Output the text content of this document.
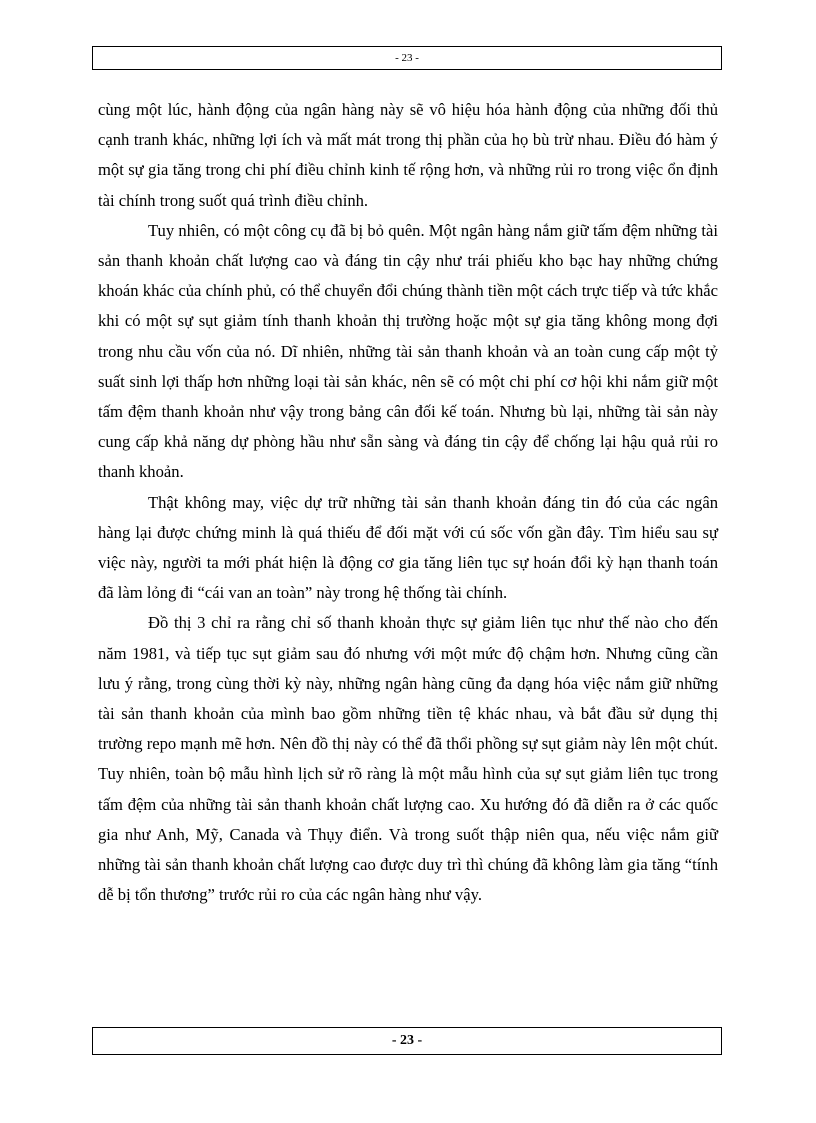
- 23 -

cùng một lúc, hành động của ngân hàng này sẽ vô hiệu hóa hành động của những đối thủ cạnh tranh khác, những lợi ích và mất mát trong thị phần của họ bù trừ nhau. Điều đó hàm ý một sự gia tăng trong chi phí điều chỉnh kinh tế rộng hơn, và những rủi ro trong việc ổn định tài chính trong suốt quá trình điều chỉnh.

Tuy nhiên, có một công cụ đã bị bỏ quên. Một ngân hàng nắm giữ tấm đệm những tài sản thanh khoản chất lượng cao và đáng tin cậy như trái phiếu kho bạc hay những chứng khoán khác của chính phủ, có thể chuyển đổi chúng thành tiền một cách trực tiếp và tức khắc khi có một sự sụt giảm tính thanh khoản thị trường hoặc một sự gia tăng không mong đợi trong nhu cầu vốn của nó. Dĩ nhiên, những tài sản thanh khoản và an toàn cung cấp một tỷ suất sinh lợi thấp hơn những loại tài sản khác, nên sẽ có một chi phí cơ hội khi nắm giữ một tấm đệm thanh khoản như vậy trong bảng cân đối kế toán. Nhưng bù lại, những tài sản này cung cấp khả năng dự phòng hầu như sẵn sàng và đáng tin cậy để chống lại hậu quả rủi ro thanh khoản.

Thật không may, việc dự trữ những tài sản thanh khoản đáng tin đó của các ngân hàng lại được chứng minh là quá thiếu để đối mặt với cú sốc vốn gần đây. Tìm hiểu sau sự việc này, người ta mới phát hiện là động cơ gia tăng liên tục sự hoán đổi kỳ hạn thanh toán đã làm lỏng đi “cái van an toàn” này trong hệ thống tài chính.

Đồ thị 3 chỉ ra rằng chỉ số thanh khoản thực sự giảm liên tục như thế nào cho đến năm 1981, và tiếp tục sụt giảm sau đó nhưng với một mức độ chậm hơn. Nhưng cũng cần lưu ý rằng, trong cùng thời kỳ này, những ngân hàng cũng đa dạng hóa việc nắm giữ những tài sản thanh khoản của mình bao gồm những tiền tệ khác nhau, và bắt đầu sử dụng thị trường repo mạnh mẽ hơn. Nên đồ thị này có thể đã thổi phồng sự sụt giảm này lên một chút. Tuy nhiên, toàn bộ mẫu hình lịch sử rõ ràng là một mẫu hình của sự sụt giảm liên tục trong tấm đệm của những tài sản thanh khoản chất lượng cao. Xu hướng đó đã diễn ra ở các quốc gia như Anh, Mỹ, Canada và Thụy điển. Và trong suốt thập niên qua, nếu việc nắm giữ những tài sản thanh khoản chất lượng cao được duy trì thì chúng đã không làm gia tăng “tính dễ bị tổn thương” trước rủi ro của các ngân hàng như vậy.

- 23 -
